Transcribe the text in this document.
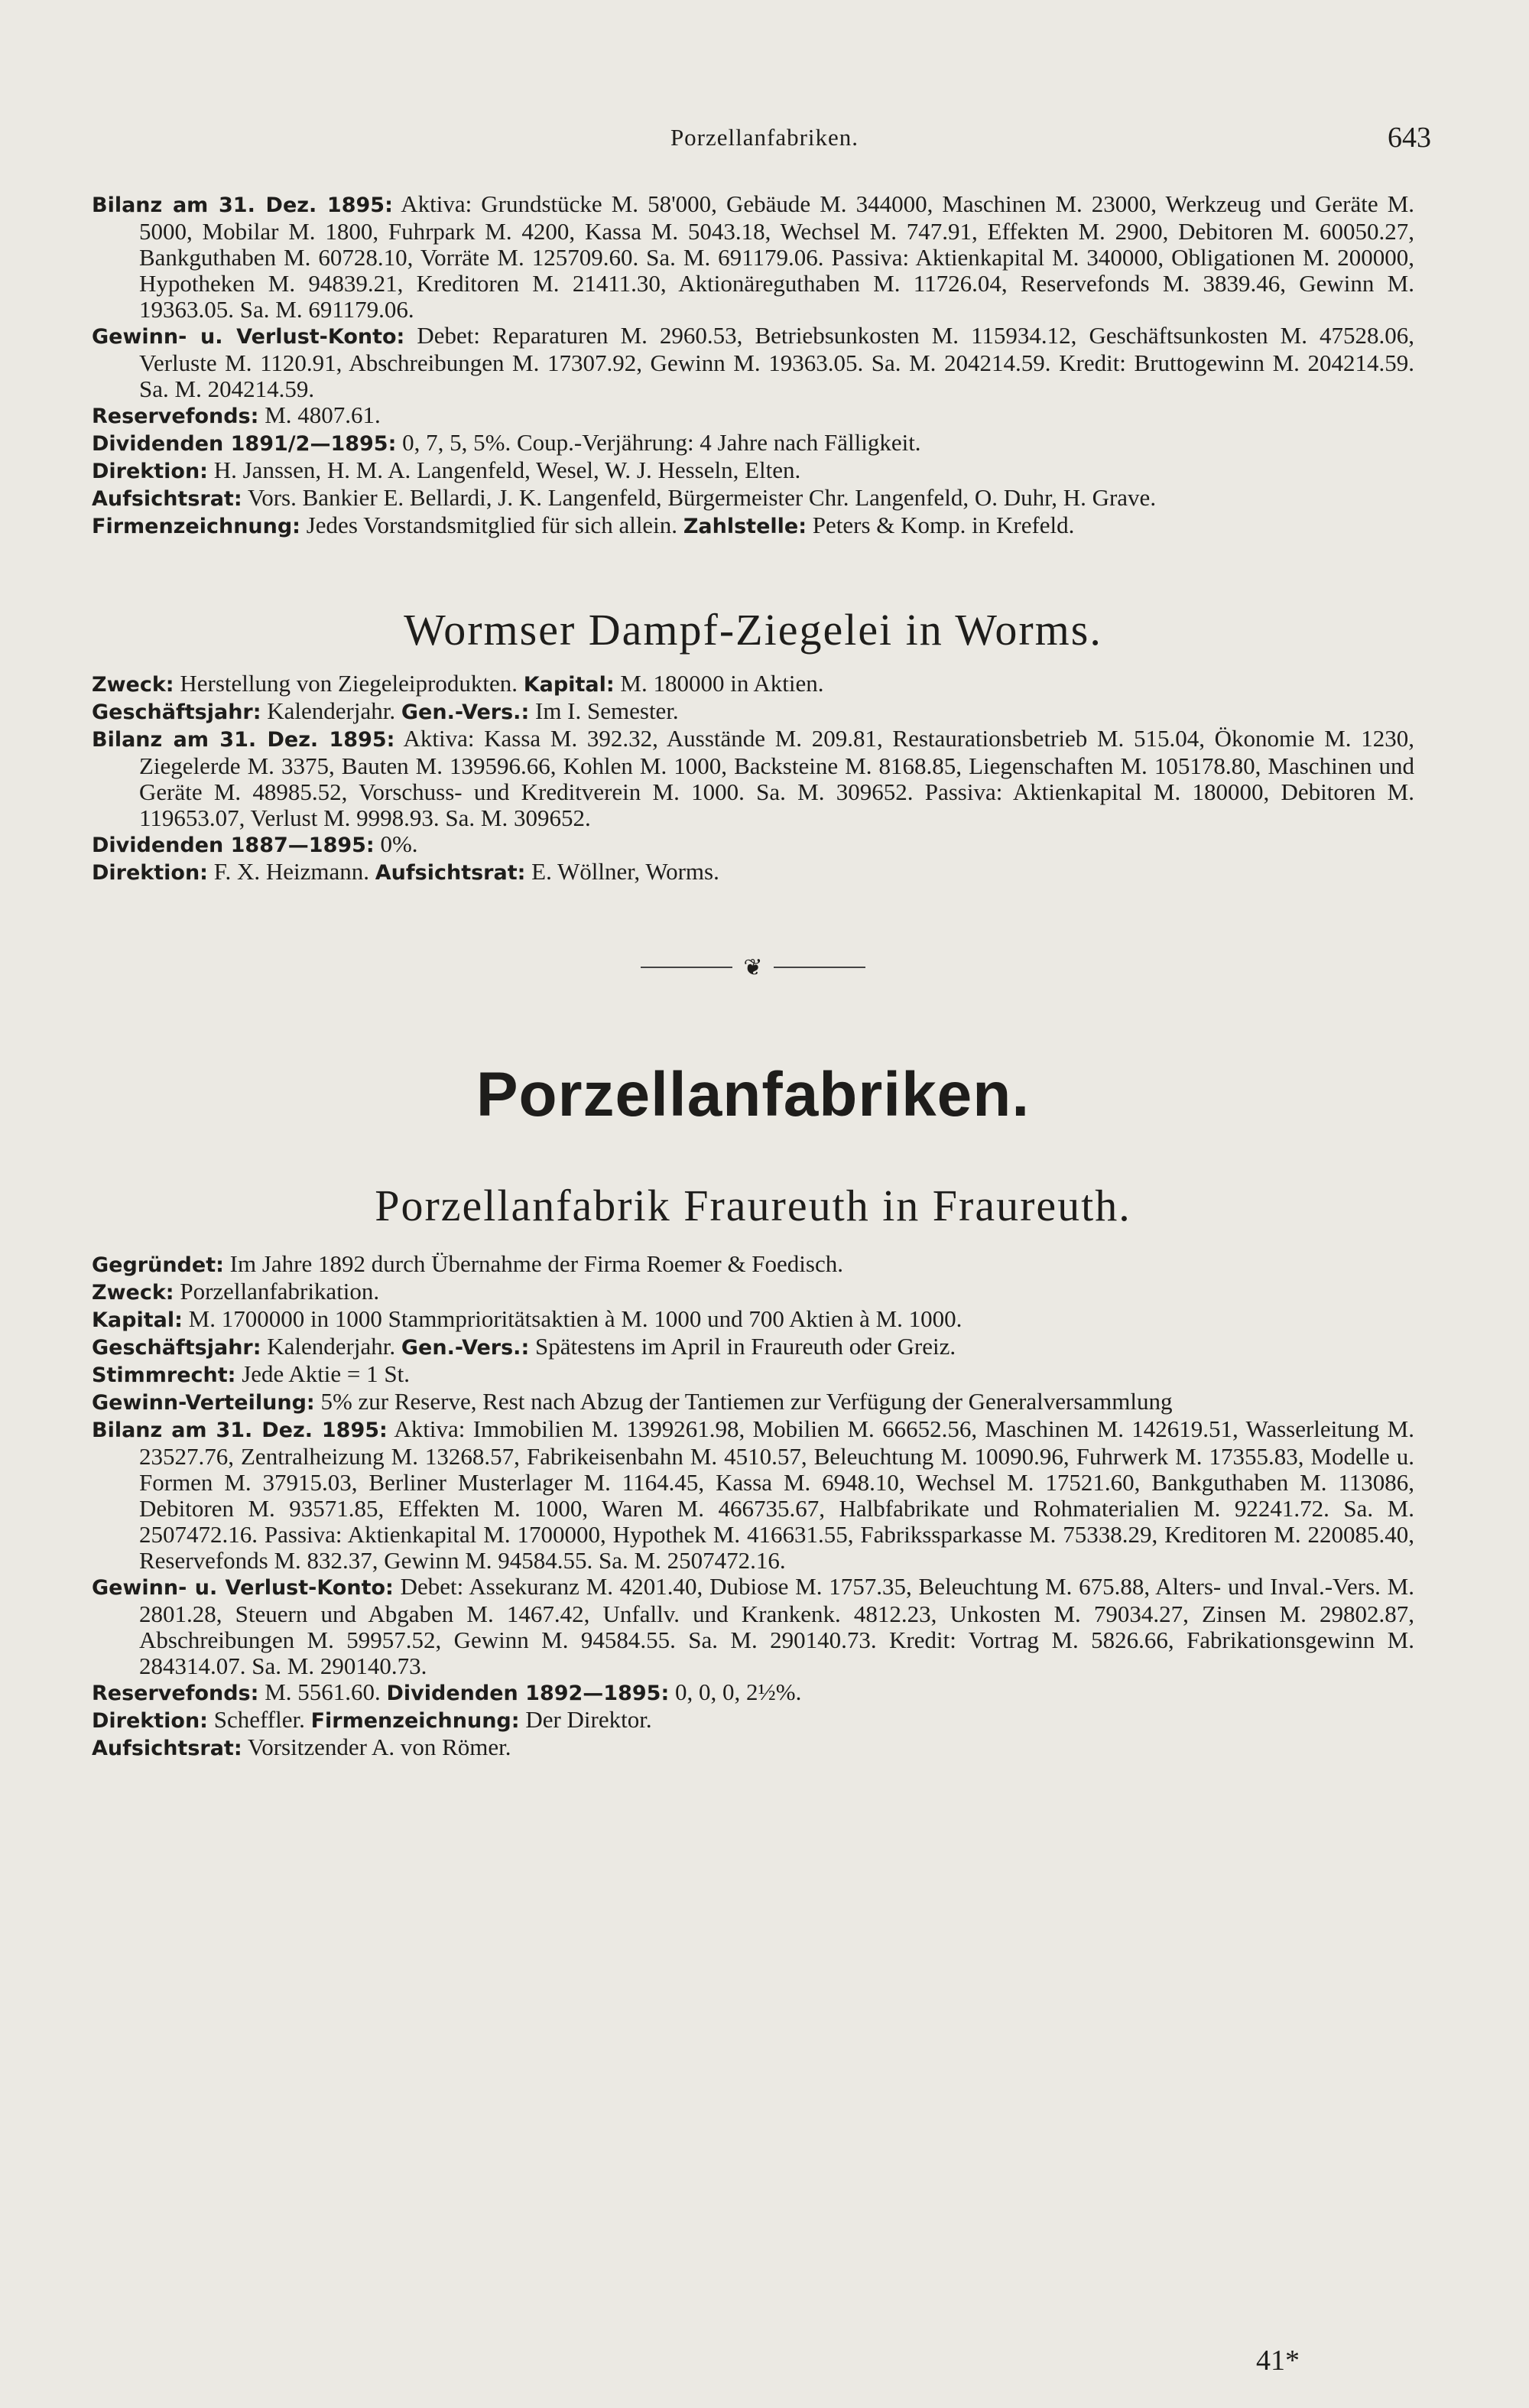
Porzellanfabriken.	643

Bilanz am 31. Dez. 1895: Aktiva: Grundstücke M. 58'000, Gebäude M. 344000, Maschinen M. 23000, Werkzeug und Geräte M. 5000, Mobilar M. 1800, Fuhrpark M. 4200, Kassa M. 5043.18, Wechsel M. 747.91, Effekten M. 2900, Debitoren M. 60050.27, Bankguthaben M. 60728.10, Vorräte M. 125709.60. Sa. M. 691179.06. Passiva: Aktienkapital M. 340000, Obligationen M. 200000, Hypotheken M. 94839.21, Kreditoren M. 21411.30, Aktionäreguthaben M. 11726.04, Reservefonds M. 3839.46, Gewinn M. 19363.05. Sa. M. 691179.06.

Gewinn- u. Verlust-Konto: Debet: Reparaturen M. 2960.53, Betriebsunkosten M. 115934.12, Geschäftsunkosten M. 47528.06, Verluste M. 1120.91, Abschreibungen M. 17307.92, Gewinn M. 19363.05. Sa. M. 204214.59. Kredit: Bruttogewinn M. 204214.59. Sa. M. 204214.59.

Reservefonds: M. 4807.61.

Dividenden 1891/2—1895: 0, 7, 5, 5%. Coup.-Verjährung: 4 Jahre nach Fälligkeit.

Direktion: H. Janssen, H. M. A. Langenfeld, Wesel, W. J. Hesseln, Elten.

Aufsichtsrat: Vors. Bankier E. Bellardi, J. K. Langenfeld, Bürgermeister Chr. Langenfeld, O. Duhr, H. Grave.

Firmenzeichnung: Jedes Vorstandsmitglied für sich allein. Zahlstelle: Peters & Komp. in Krefeld.

Wormser Dampf-Ziegelei in Worms.

Zweck: Herstellung von Ziegeleiprodukten. Kapital: M. 180000 in Aktien.

Geschäftsjahr: Kalenderjahr. Gen.-Vers.: Im I. Semester.

Bilanz am 31. Dez. 1895: Aktiva: Kassa M. 392.32, Ausstände M. 209.81, Restaurationsbetrieb M. 515.04, Ökonomie M. 1230, Ziegelerde M. 3375, Bauten M. 139596.66, Kohlen M. 1000, Backsteine M. 8168.85, Liegenschaften M. 105178.80, Maschinen und Geräte M. 48985.52, Vorschuss- und Kreditverein M. 1000. Sa. M. 309652. Passiva: Aktienkapital M. 180000, Debitoren M. 119653.07, Verlust M. 9998.93. Sa. M. 309652.

Dividenden 1887—1895: 0%.

Direktion: F. X. Heizmann. Aufsichtsrat: E. Wöllner, Worms.

❦
Porzellanfabriken.
Porzellanfabrik Fraureuth in Fraureuth.

Gegründet: Im Jahre 1892 durch Übernahme der Firma Roemer & Foedisch.

Zweck: Porzellanfabrikation.

Kapital: M. 1700000 in 1000 Stammprioritätsaktien à M. 1000 und 700 Aktien à M. 1000.

Geschäftsjahr: Kalenderjahr. Gen.-Vers.: Spätestens im April in Fraureuth oder Greiz.

Stimmrecht: Jede Aktie = 1 St.

Gewinn-Verteilung: 5% zur Reserve, Rest nach Abzug der Tantiemen zur Verfügung der Generalversammlung

Bilanz am 31. Dez. 1895: Aktiva: Immobilien M. 1399261.98, Mobilien M. 66652.56, Maschinen M. 142619.51, Wasserleitung M. 23527.76, Zentralheizung M. 13268.57, Fabrikeisenbahn M. 4510.57, Beleuchtung M. 10090.96, Fuhrwerk M. 17355.83, Modelle u. Formen M. 37915.03, Berliner Musterlager M. 1164.45, Kassa M. 6948.10, Wechsel M. 17521.60, Bankguthaben M. 113086, Debitoren M. 93571.85, Effekten M. 1000, Waren M. 466735.67, Halbfabrikate und Rohmaterialien M. 92241.72. Sa. M. 2507472.16. Passiva: Aktienkapital M. 1700000, Hypothek M. 416631.55, Fabrikssparkasse M. 75338.29, Kreditoren M. 220085.40, Reservefonds M. 832.37, Gewinn M. 94584.55. Sa. M. 2507472.16.

Gewinn- u. Verlust-Konto: Debet: Assekuranz M. 4201.40, Dubiose M. 1757.35, Beleuchtung M. 675.88, Alters- und Inval.-Vers. M. 2801.28, Steuern und Abgaben M. 1467.42, Unfallv. und Krankenk. 4812.23, Unkosten M. 79034.27, Zinsen M. 29802.87, Abschreibungen M. 59957.52, Gewinn M. 94584.55. Sa. M. 290140.73. Kredit: Vortrag M. 5826.66, Fabrikationsgewinn M. 284314.07. Sa. M. 290140.73.

Reservefonds: M. 5561.60. Dividenden 1892—1895: 0, 0, 0, 2½%.

Direktion: Scheffler. Firmenzeichnung: Der Direktor.

Aufsichtsrat: Vorsitzender A. von Römer.

41*
